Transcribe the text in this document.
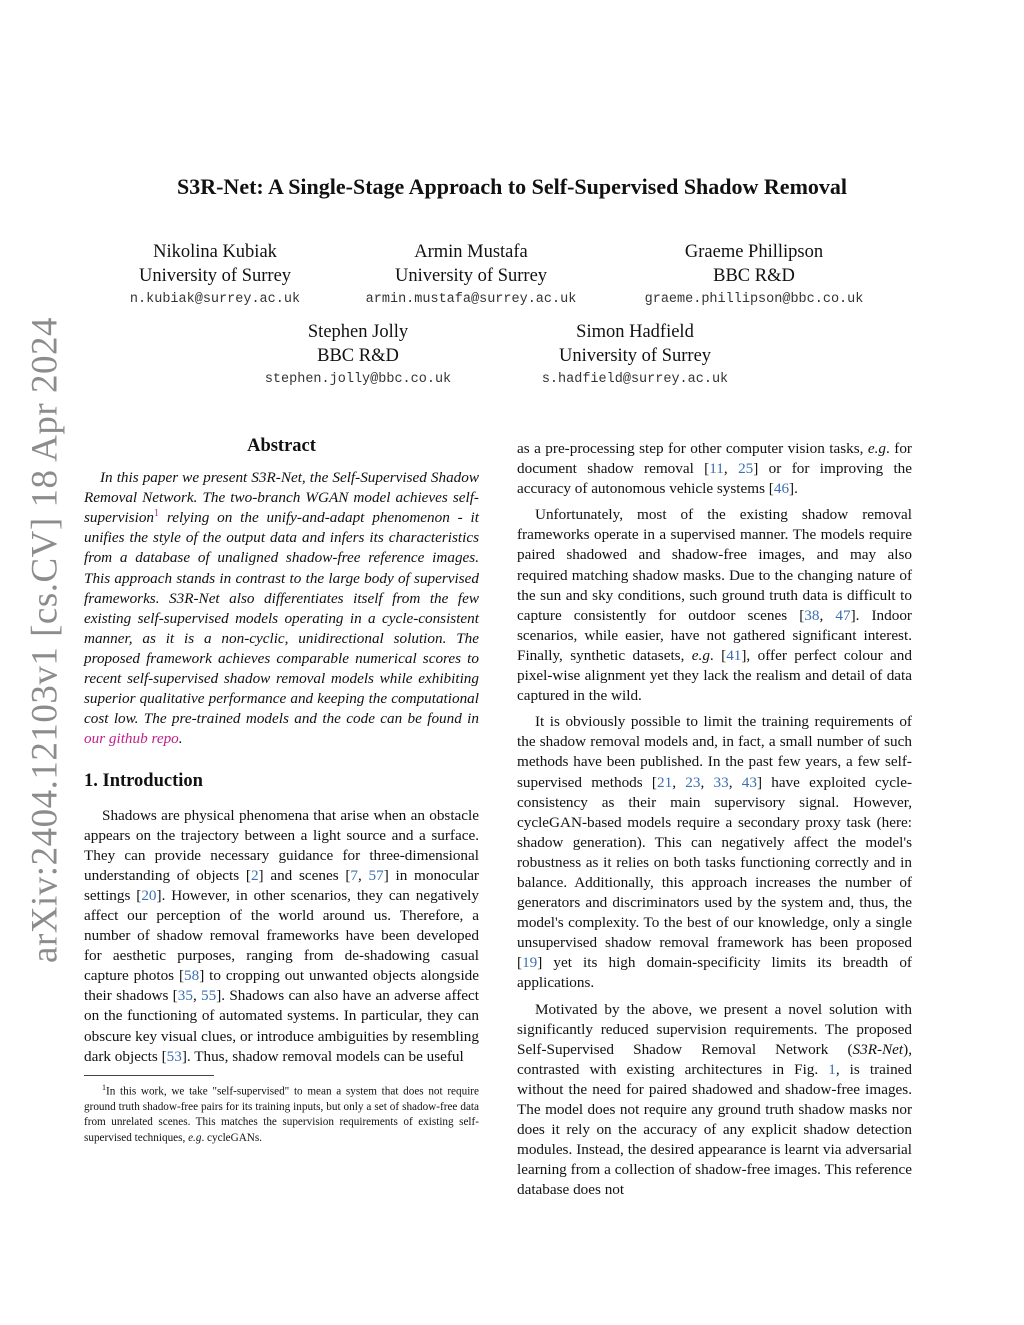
arXiv:2404.12103v1 [cs.CV] 18 Apr 2024
S3R-Net: A Single-Stage Approach to Self-Supervised Shadow Removal
Nikolina Kubiak
University of Surrey
n.kubiak@surrey.ac.uk
Armin Mustafa
University of Surrey
armin.mustafa@surrey.ac.uk
Graeme Phillipson
BBC R&D
graeme.phillipson@bbc.co.uk
Stephen Jolly
BBC R&D
stephen.jolly@bbc.co.uk
Simon Hadfield
University of Surrey
s.hadfield@surrey.ac.uk
Abstract

In this paper we present S3R-Net, the Self-Supervised Shadow Removal Network. The two-branch WGAN model achieves self-supervision$^1$ relying on the unify-and-adapt phenomenon - it unifies the style of the output data and infers its characteristics from a database of unaligned shadow-free reference images. This approach stands in contrast to the large body of supervised frameworks. S3R-Net also differentiates itself from the few existing self-supervised models operating in a cycle-consistent manner, as it is a non-cyclic, unidirectional solution. The proposed framework achieves comparable numerical scores to recent self-supervised shadow removal models while exhibiting superior qualitative performance and keeping the computational cost low. The pre-trained models and the code can be found in our github repo.

1. Introduction

Shadows are physical phenomena that arise when an obstacle appears on the trajectory between a light source and a surface. They can provide necessary guidance for three-dimensional understanding of objects [2] and scenes [7, 57] in monocular settings [20]. However, in other scenarios, they can negatively affect our perception of the world around us. Therefore, a number of shadow removal frameworks have been developed for aesthetic purposes, ranging from de-shadowing casual capture photos [58] to cropping out unwanted objects alongside their shadows [35, 55]. Shadows can also have an adverse affect on the functioning of automated systems. In particular, they can obscure key visual clues, or introduce ambiguities by resembling dark objects [53]. Thus, shadow removal models can be useful

$^1$In this work, we take "self-supervised" to mean a system that does not require ground truth shadow-free pairs for its training inputs, but only a set of shadow-free data from unrelated scenes. This matches the supervision requirements of existing self-supervised techniques, e.g. cycleGANs.

as a pre-processing step for other computer vision tasks, e.g. for document shadow removal [11, 25] or for improving the accuracy of autonomous vehicle systems [46].

Unfortunately, most of the existing shadow removal frameworks operate in a supervised manner. The models require paired shadowed and shadow-free images, and may also required matching shadow masks. Due to the changing nature of the sun and sky conditions, such ground truth data is difficult to capture consistently for outdoor scenes [38, 47]. Indoor scenarios, while easier, have not gathered significant interest. Finally, synthetic datasets, e.g. [41], offer perfect colour and pixel-wise alignment yet they lack the realism and detail of data captured in the wild.

It is obviously possible to limit the training requirements of the shadow removal models and, in fact, a small number of such methods have been published. In the past few years, a few self-supervised methods [21, 23, 33, 43] have exploited cycle-consistency as their main supervisory signal. However, cycleGAN-based models require a secondary proxy task (here: shadow generation). This can negatively affect the model's robustness as it relies on both tasks functioning correctly and in balance. Additionally, this approach increases the number of generators and discriminators used by the system and, thus, the model's complexity. To the best of our knowledge, only a single unsupervised shadow removal framework has been proposed [19] yet its high domain-specificity limits its breadth of applications.

Motivated by the above, we present a novel solution with significantly reduced supervision requirements. The proposed Self-Supervised Shadow Removal Network (S3R-Net), contrasted with existing architectures in Fig. 1, is trained without the need for paired shadowed and shadow-free images. The model does not require any ground truth shadow masks nor does it rely on the accuracy of any explicit shadow detection modules. Instead, the desired appearance is learnt via adversarial learning from a collection of shadow-free images. This reference database does not
